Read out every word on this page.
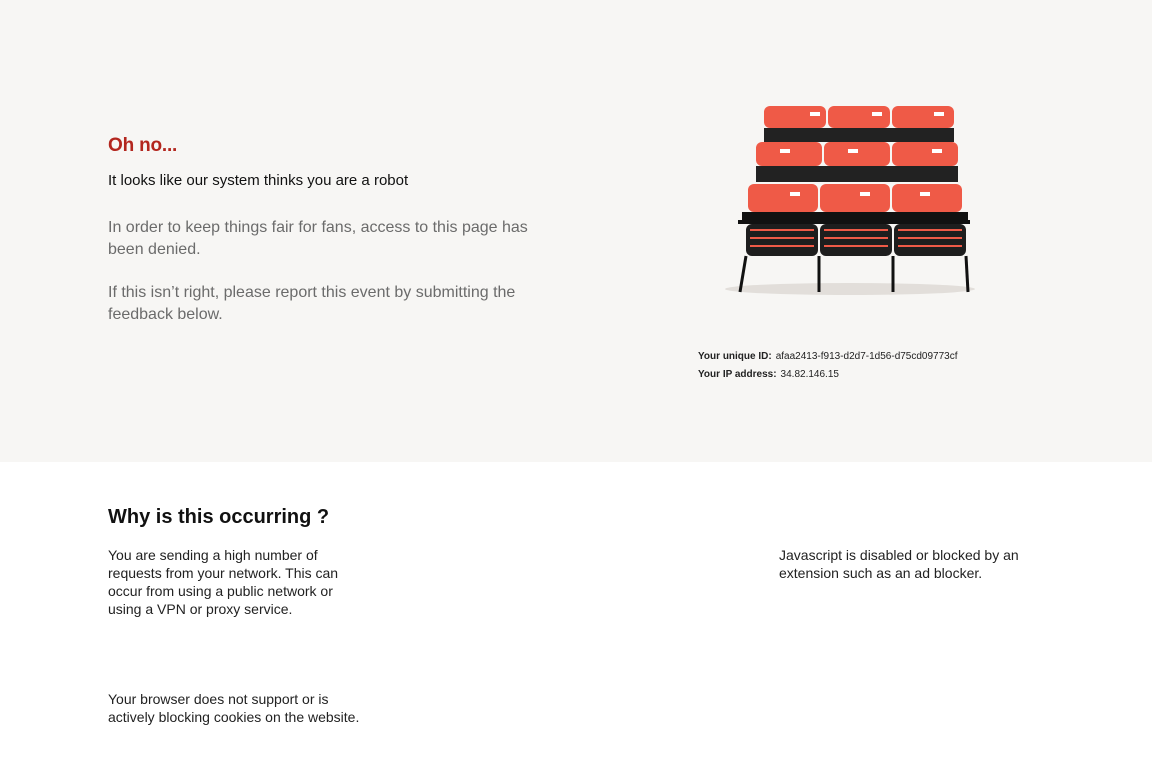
Oh no...
It looks like our system thinks you are a robot
In order to keep things fair for fans, access to this page has been denied.
If this isn’t right, please report this event by submitting the feedback below.
Your unique ID: afaa2413-f913-d2d7-1d56-d75cd09773cf
Your IP address: 34.82.146.15
Why is this occurring ?
You are sending a high number of requests from your network. This can occur from using a public network or using a VPN or proxy service.
Javascript is disabled or blocked by an extension such as an ad blocker.
Your browser does not support or is actively blocking cookies on the website.
